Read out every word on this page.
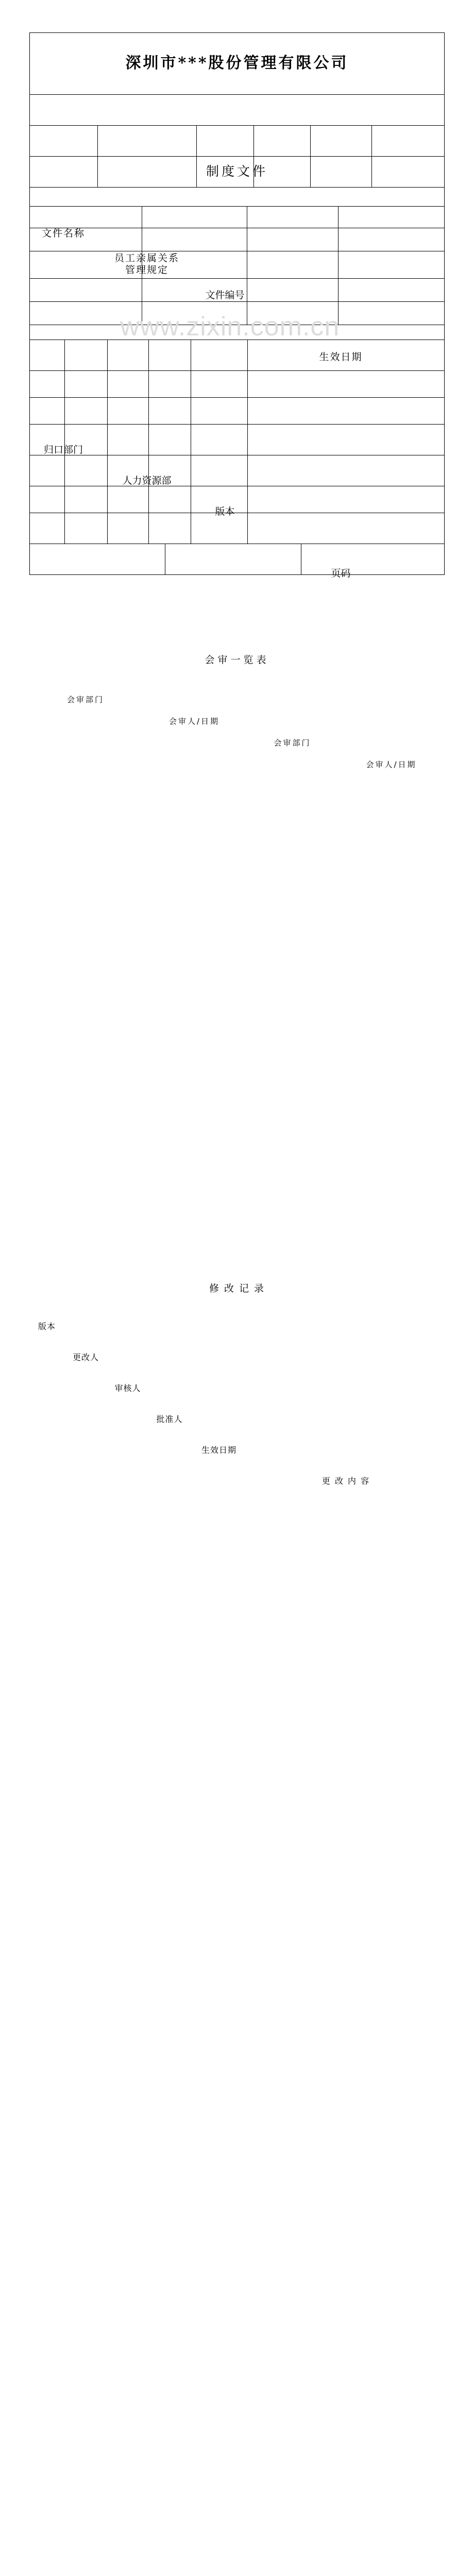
www.zixin.com.cn
深圳市***股份管理有限公司
制度文件
文件名称
员工亲属关系
管理规定
文件编号
生效日期
归口部门
人力资源部
版本
页码
会审一览表
会审部门
会审人/日期
会审部门
会审人/日期
修 改 记 录
版本
更改人
审核人
批准人
生效日期
更 改 内 容
